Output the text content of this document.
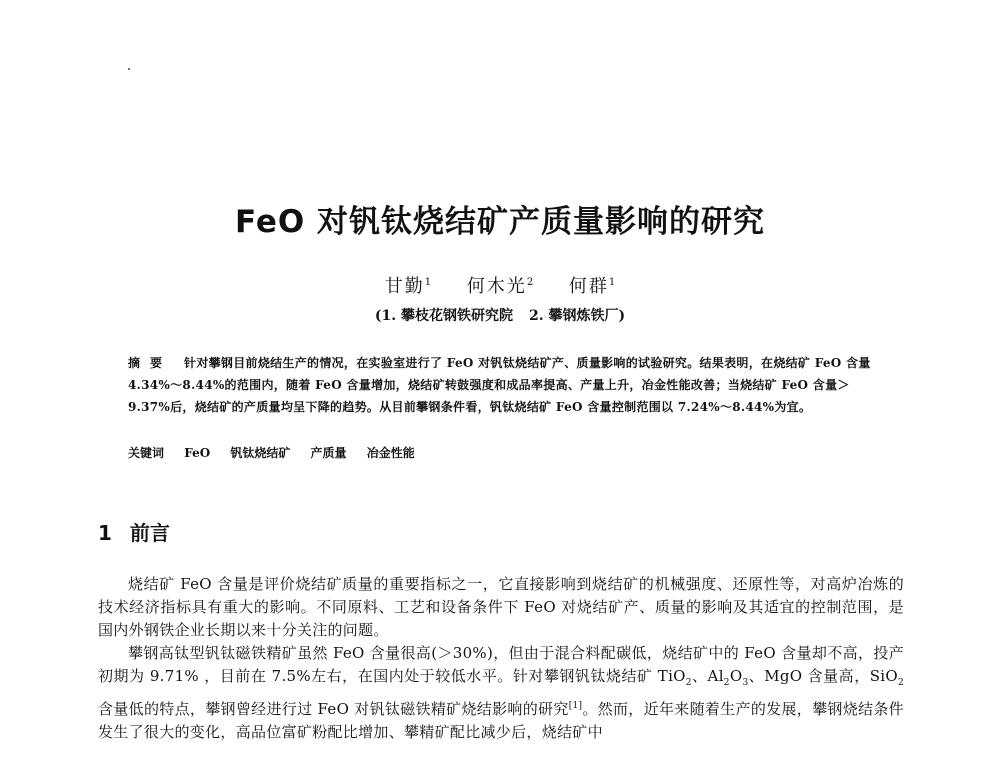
FeO 对钒钛烧结矿产质量影响的研究
甘勤$^1$ 何木光$^2$ 何群$^1$
(1. 攀枝花钢铁研究院 2. 攀钢炼铁厂)
摘要 针对攀钢目前烧结生产的情况，在实验室进行了 FeO 对钒钛烧结矿产、质量影响的试验研究。结果表明，在烧结矿 FeO 含量 4.34%～8.44%的范围内，随着 FeO 含量增加，烧结矿转鼓强度和成品率提高、产量上升，冶金性能改善；当烧结矿 FeO 含量＞9.37%后，烧结矿的产质量均呈下降的趋势。从目前攀钢条件看，钒钛烧结矿 FeO 含量控制范围以 7.24%～8.44%为宜。
关键词 FeO 钒钛烧结矿 产质量 冶金性能
1 前言

烧结矿 FeO 含量是评价烧结矿质量的重要指标之一，它直接影响到烧结矿的机械强度、还原性等，对高炉冶炼的技术经济指标具有重大的影响。不同原料、工艺和设备条件下 FeO 对烧结矿产、质量的影响及其适宜的控制范围，是国内外钢铁企业长期以来十分关注的问题。

攀钢高钛型钒钛磁铁精矿虽然 FeO 含量很高(＞30%)，但由于混合料配碳低，烧结矿中的 FeO 含量却不高，投产初期为 9.71% ，目前在 7.5%左右，在国内处于较低水平。针对攀钢钒钛烧结矿 TiO$_2$、$Al_2O_3$、MgO 含量高，SiO$_2$ 含量低的特点，攀钢曾经进行过 FeO 对钒钛磁铁精矿烧结影响的研究[1]。然而，近年来随着生产的发展，攀钢烧结条件发生了很大的变化，高品位富矿粉配比增加、攀精矿配比减少后，烧结矿中
